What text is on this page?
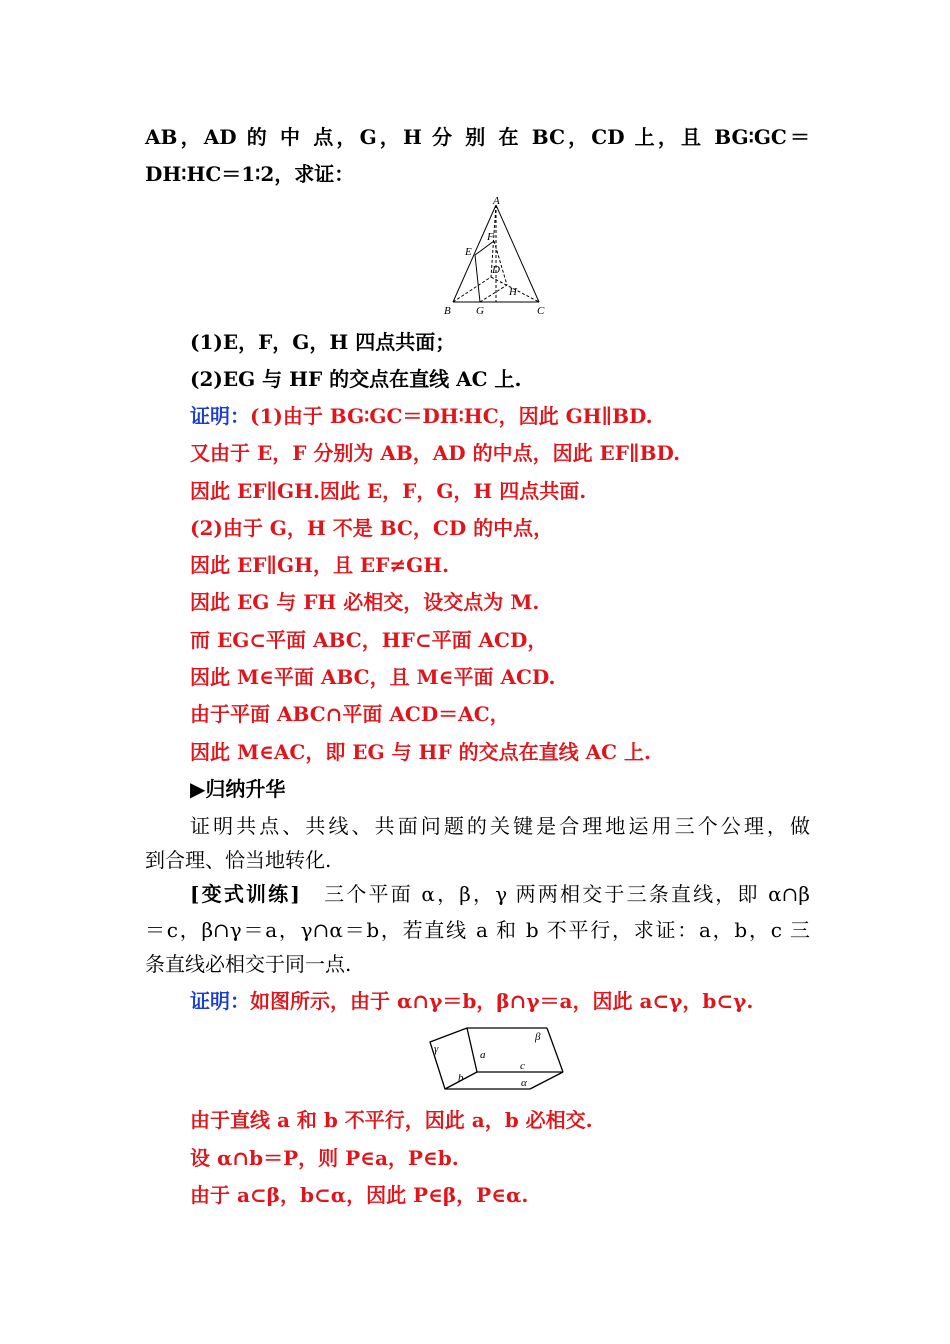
AB，AD 的 中 点，G，H 分 别 在 BC，CD 上，且 BG∶GC＝
DH∶HC＝1∶2，求证：
A
B	C
D
E
F
G
H
(1)E，F，G，H 四点共面；
(2)EG 与 HF 的交点在直线 AC 上.
证明：(1)由于 BG∶GC＝DH∶HC，因此 GH∥BD.
又由于 E，F 分别为 AB，AD 的中点，因此 EF∥BD.
因此 EF∥GH.因此 E，F，G，H 四点共面.
(2)由于 G，H 不是 BC，CD 的中点，
因此 EF∥GH，且 EF≠GH.
因此 EG 与 FH 必相交，设交点为 M.
而 EG⊂平面 ABC，HF⊂平面 ACD，
因此 M∈平面 ABC，且 M∈平面 ACD.
由于平面 ABC∩平面 ACD＝AC，
因此 M∈AC，即 EG 与 HF 的交点在直线 AC 上.
▶归纳升华
证明共点、共线、共面问题的关键是合理地运用三个公理，做
到合理、恰当地转化.
[变式训练]　 三个平面 α，β，γ 两两相交于三条直线，即 α∩β
＝c，β∩γ＝a，γ∩α＝b，若直线 a 和 b 不平行，求证：a，b，c 三
条直线必相交于同一点.
证明：如图所示，由于 α∩γ＝b，β∩γ＝a，因此 a⊂γ，b⊂γ.
γ
β
α
a
b
c
由于直线 a 和 b 不平行，因此 a，b 必相交.
设 α∩b＝P，则 P∈a，P∈b.
由于 a⊂β，b⊂α，因此 P∈β，P∈α.
